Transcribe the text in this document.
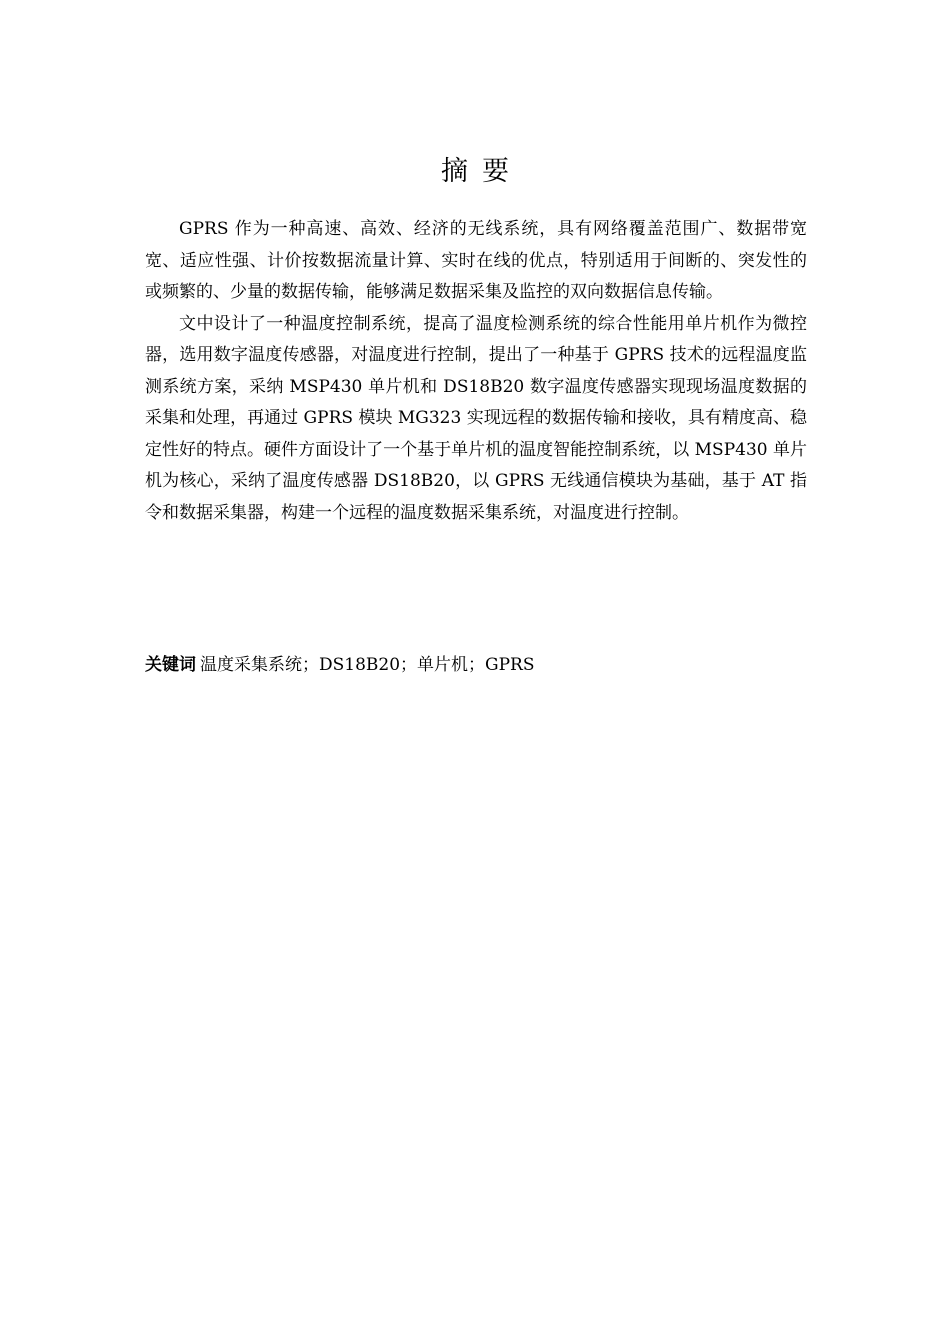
摘 要

GPRS 作为一种高速、高效、经济的无线系统，具有网络覆盖范围广、数据带宽宽、适应性强、计价按数据流量计算、实时在线的优点，特别适用于间断的、突发性的或频繁的、少量的数据传输，能够满足数据采集及监控的双向数据信息传输。

文中设计了一种温度控制系统，提高了温度检测系统的综合性能用单片机作为微控器，选用数字温度传感器，对温度进行控制，提出了一种基于 GPRS 技术的远程温度监测系统方案，采纳 MSP430 单片机和 DS18B20 数字温度传感器实现现场温度数据的采集和处理，再通过 GPRS 模块 MG323 实现远程的数据传输和接收，具有精度高、稳定性好的特点。硬件方面设计了一个基于单片机的温度智能控制系统，以 MSP430 单片机为核心，采纳了温度传感器 DS18B20，以 GPRS 无线通信模块为基础，基于 AT 指令和数据采集器，构建一个远程的温度数据采集系统，对温度进行控制。

关键词 温度采集系统；DS18B20；单片机；GPRS
